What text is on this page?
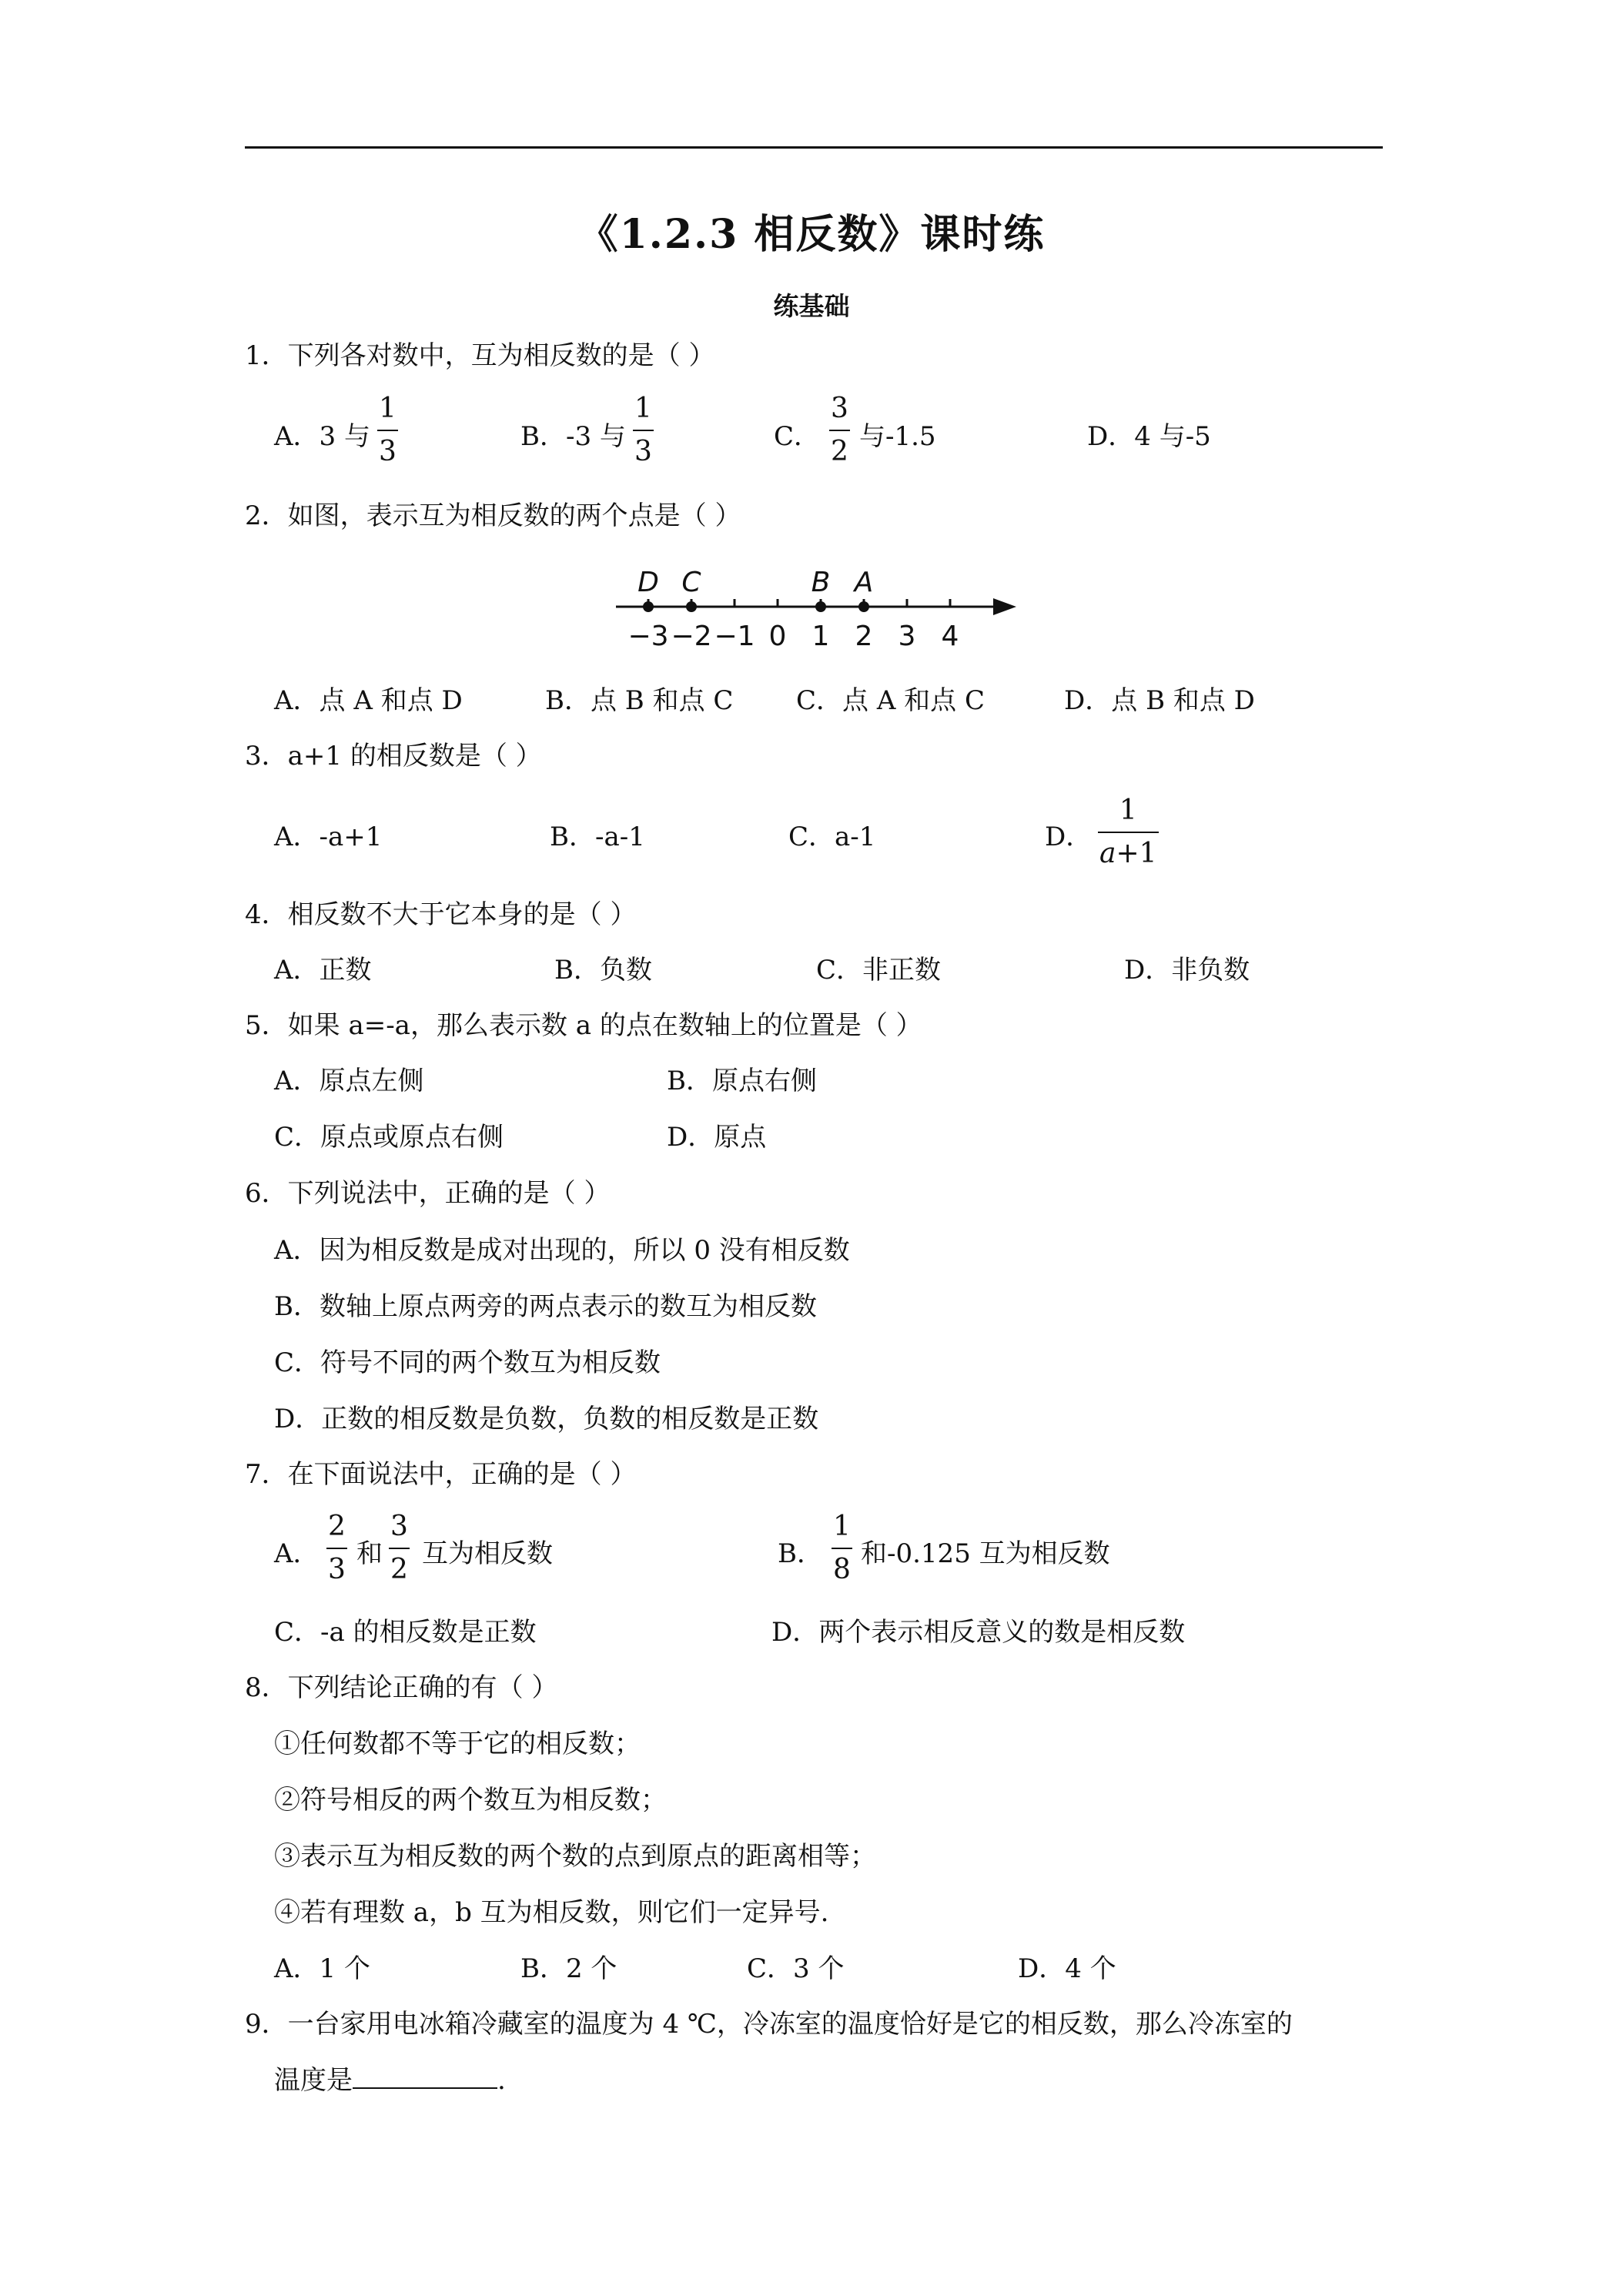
《1.2.3 相反数》课时练
练基础
1．下列各对数中，互为相反数的是（ ）
A．3 与
1
3	B．-3 与
1
3	C．
3
2 与-1.5	D．4 与-5
2．如图，表示互为相反数的两个点是（ ）
−3 −2 −1 0 1 2 3 4
D C	B A
A．点 A 和点 D	B．点 B 和点 C C．点 A 和点 C	D．点 B 和点 D
3．a+1 的相反数是（ ）
A．-a+1	B．-a-1	C．a-1	D．
1
a+1
4．相反数不大于它本身的是（ ）
A．正数	B．负数	C．非正数	D．非负数
5．如果 a=-a，那么表示数 a 的点在数轴上的位置是（ ）
A．原点左侧	B．原点右侧
C．原点或原点右侧	D．原点
6．下列说法中，正确的是（ ）
A．因为相反数是成对出现的，所以 0 没有相反数
B．数轴上原点两旁的两点表示的数互为相反数
C．符号不同的两个数互为相反数
D．正数的相反数是负数，负数的相反数是正数
7．在下面说法中，正确的是（ ）
A．
2
3 和
3
2 互为相反数	B．
1
8 和-0.125 互为相反数
C．-a 的相反数是正数	D．两个表示相反意义的数是相反数
8．下列结论正确的有（ ）
①任何数都不等于它的相反数；
②符号相反的两个数互为相反数；
③表示互为相反数的两个数的点到原点的距离相等；
④若有理数 a，b 互为相反数，则它们一定异号.
A．1 个	B．2 个	C．3 个	D．4 个
9．一台家用电冰箱冷藏室的温度为 4 ℃，冷冻室的温度恰好是它的相反数，那么冷冻室的
温度是	.
